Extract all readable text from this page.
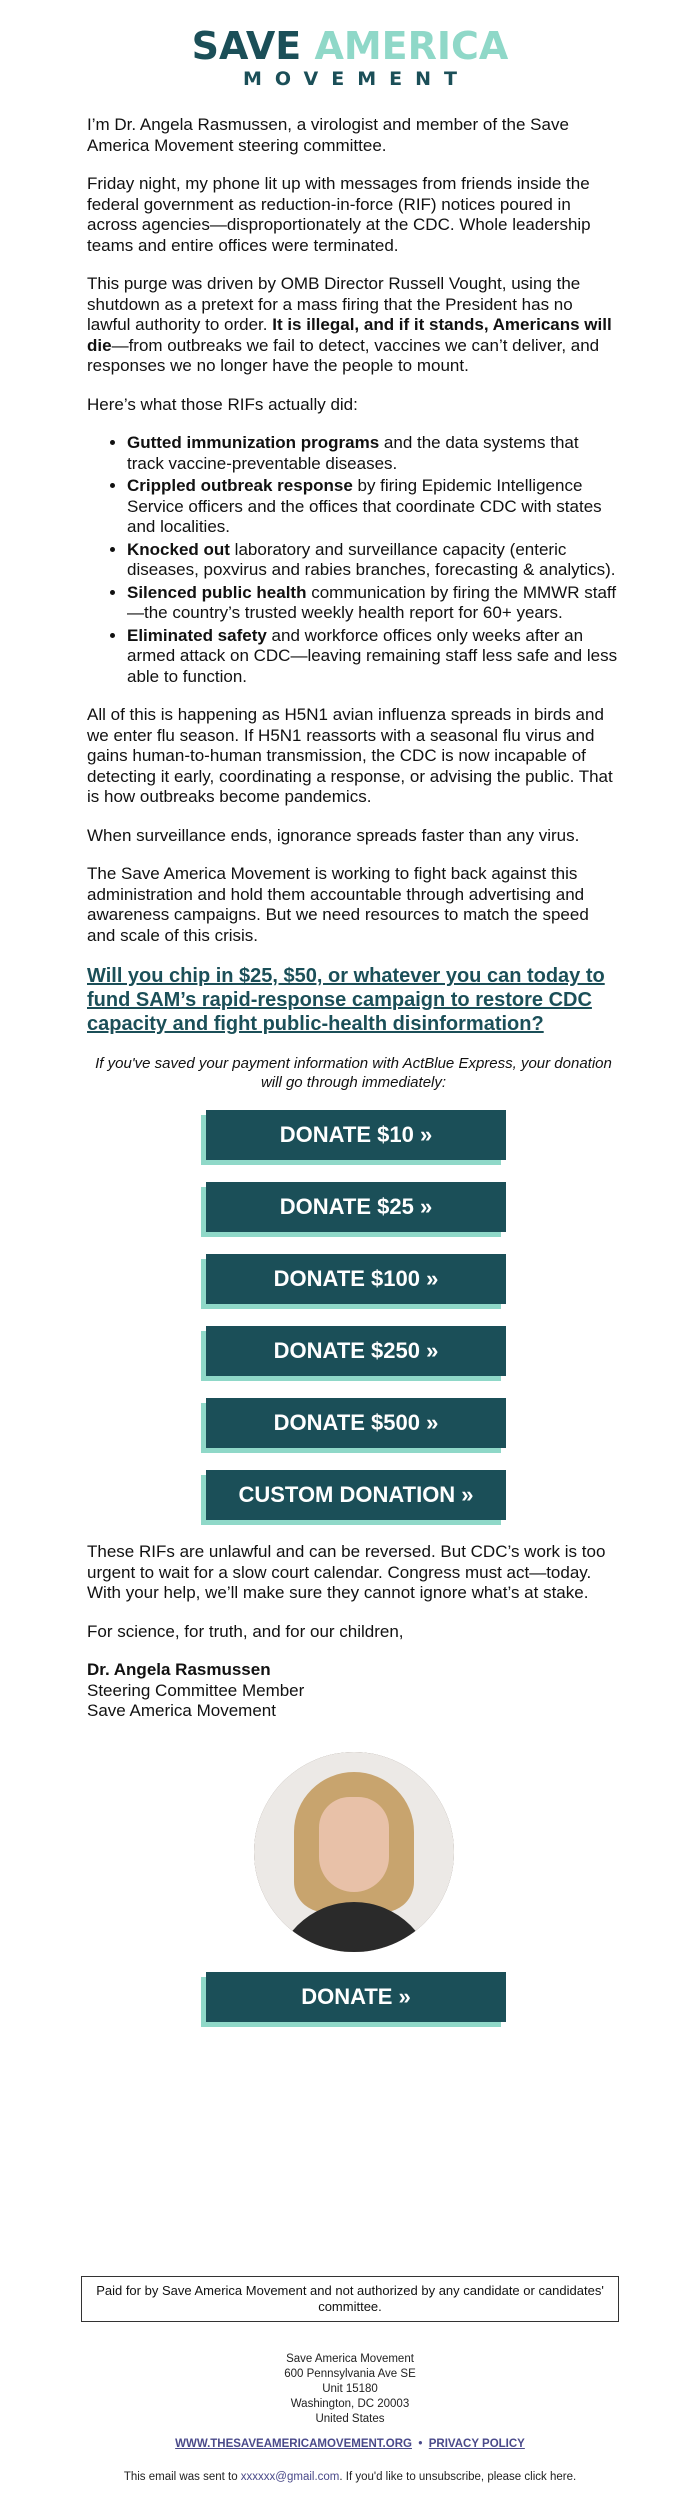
SAVE AMERICA
MOVEMENT

I’m Dr. Angela Rasmussen, a virologist and member of the Save America Movement steering committee.

Friday night, my phone lit up with messages from friends inside the federal government as reduction-in-force (RIF) notices poured in across agencies—disproportionately at the CDC. Whole leadership teams and entire offices were terminated.

This purge was driven by OMB Director Russell Vought, using the shutdown as a pretext for a mass firing that the President has no lawful authority to order. It is illegal, and if it stands, Americans will die—from outbreaks we fail to detect, vaccines we can’t deliver, and responses we no longer have the people to mount.

Here’s what those RIFs actually did:

• Gutted immunization programs and the data systems that track vaccine-preventable diseases.
• Crippled outbreak response by firing Epidemic Intelligence Service officers and the offices that coordinate CDC with states and localities.
• Knocked out laboratory and surveillance capacity (enteric diseases, poxvirus and rabies branches, forecasting & analytics).
• Silenced public health communication by firing the MMWR staff—the country’s trusted weekly health report for 60+ years.
• Eliminated safety and workforce offices only weeks after an armed attack on CDC—leaving remaining staff less safe and less able to function.

All of this is happening as H5N1 avian influenza spreads in birds and we enter flu season. If H5N1 reassorts with a seasonal flu virus and gains human-to-human transmission, the CDC is now incapable of detecting it early, coordinating a response, or advising the public. That is how outbreaks become pandemics.

When surveillance ends, ignorance spreads faster than any virus.

The Save America Movement is working to fight back against this administration and hold them accountable through advertising and awareness campaigns. But we need resources to match the speed and scale of this crisis.

Will you chip in $25, $50, or whatever you can today to fund SAM’s rapid-response campaign to restore CDC capacity and fight public-health disinformation?
If you've saved your payment information with ActBlue Express, your donation will go through immediately:
DONATE $10 »
DONATE $25 »
DONATE $100 »
DONATE $250 »
DONATE $500 »
CUSTOM DONATION »

These RIFs are unlawful and can be reversed. But CDC’s work is too urgent to wait for a slow court calendar. Congress must act—today. With your help, we’ll make sure they cannot ignore what’s at stake.

For science, for truth, and for our children,

Dr. Angela Rasmussen
Steering Committee Member
Save America Movement

DONATE »
Paid for by Save America Movement and not authorized by any candidate or candidates' committee.
Save America Movement
600 Pennsylvania Ave SE
Unit 15180
Washington, DC 20003
United States
WWW.THESAVEAMERICAMOVEMENT.ORG • PRIVACY POLICY
This email was sent to xxxxxx@gmail.com. If you'd like to unsubscribe, please click here.
